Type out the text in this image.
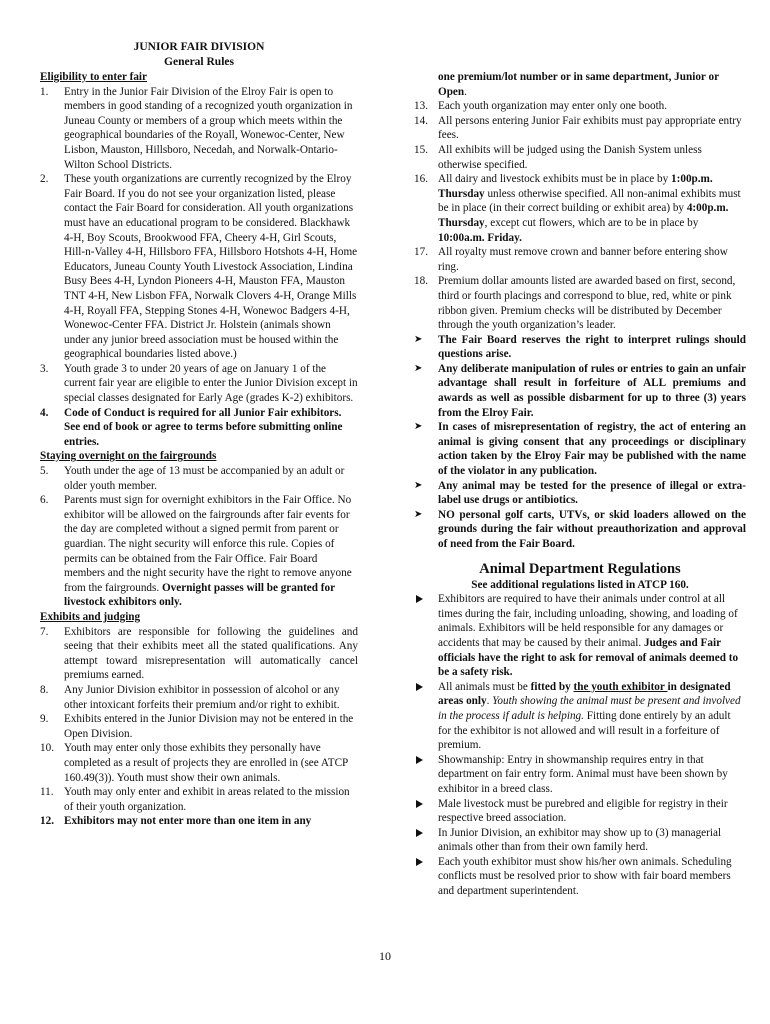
JUNIOR FAIR DIVISION
General Rules
Eligibility to enter fair
1. Entry in the Junior Fair Division of the Elroy Fair is open to members in good standing of a recognized youth organization in Juneau County or members of a group which meets within the geographical boundaries of the Royall, Wonewoc-Center, New Lisbon, Mauston, Hillsboro, Necedah, and Norwalk-Ontario-Wilton School Districts.
2. These youth organizations are currently recognized by the Elroy Fair Board. If you do not see your organization listed, please contact the Fair Board for consideration. All youth organizations must have an educational program to be considered. Blackhawk 4-H, Boy Scouts, Brookwood FFA, Cheery 4-H, Girl Scouts, Hill-n-Valley 4-H, Hillsboro FFA, Hillsboro Hotshots 4-H, Home Educators, Juneau County Youth Livestock Association, Lindina Busy Bees 4-H, Lyndon Pioneers 4-H, Mauston FFA, Mauston TNT 4-H, New Lisbon FFA, Norwalk Clovers 4-H, Orange Mills 4-H, Royall FFA, Stepping Stones 4-H, Wonewoc Badgers 4-H, Wonewoc-Center FFA. District Jr. Holstein (animals shown under any junior breed association must be housed within the geographical boundaries listed above.)
3. Youth grade 3 to under 20 years of age on January 1 of the current fair year are eligible to enter the Junior Division except in special classes designated for Early Age (grades K-2) exhibitors.
4. Code of Conduct is required for all Junior Fair exhibitors. See end of book or agree to terms before submitting online entries.
Staying overnight on the fairgrounds
5. Youth under the age of 13 must be accompanied by an adult or older youth member.
6. Parents must sign for overnight exhibitors in the Fair Office. No exhibitor will be allowed on the fairgrounds after fair events for the day are completed without a signed permit from parent or guardian. The night security will enforce this rule. Copies of permits can be obtained from the Fair Office. Fair Board members and the night security have the right to remove anyone from the fairgrounds. Overnight passes will be granted for livestock exhibitors only.
Exhibits and judging
7. Exhibitors are responsible for following the guidelines and seeing that their exhibits meet all the stated qualifications. Any attempt toward misrepresentation will automatically cancel premiums earned.
8. Any Junior Division exhibitor in possession of alcohol or any other intoxicant forfeits their premium and/or right to exhibit.
9. Exhibits entered in the Junior Division may not be entered in the Open Division.
10. Youth may enter only those exhibits they personally have completed as a result of projects they are enrolled in (see ATCP 160.49(3)). Youth must show their own animals.
11. Youth may only enter and exhibit in areas related to the mission of their youth organization.
12. Exhibitors may not enter more than one item in any
one premium/lot number or in same department, Junior or Open.
13. Each youth organization may enter only one booth.
14. All persons entering Junior Fair exhibits must pay appropriate entry fees.
15. All exhibits will be judged using the Danish System unless otherwise specified.
16. All dairy and livestock exhibits must be in place by 1:00p.m. Thursday unless otherwise specified. All non-animal exhibits must be in place (in their correct building or exhibit area) by 4:00p.m. Thursday, except cut flowers, which are to be in place by 10:00a.m. Friday.
17. All royalty must remove crown and banner before entering show ring.
18. Premium dollar amounts listed are awarded based on first, second, third or fourth placings and correspond to blue, red, white or pink ribbon given. Premium checks will be distributed by December through the youth organization’s leader.
➤ The Fair Board reserves the right to interpret rulings should questions arise.
➤ Any deliberate manipulation of rules or entries to gain an unfair advantage shall result in forfeiture of ALL premiums and awards as well as possible disbarment for up to three (3) years from the Elroy Fair.
➤ In cases of misrepresentation of registry, the act of entering an animal is giving consent that any proceedings or disciplinary action taken by the Elroy Fair may be published with the name of the violator in any publication.
➤ Any animal may be tested for the presence of illegal or extra-label use drugs or antibiotics.
➤ NO personal golf carts, UTVs, or skid loaders allowed on the grounds during the fair without preauthorization and approval of need from the Fair Board.
Animal Department Regulations
See additional regulations listed in ATCP 160.
Exhibitors are required to have their animals under control at all times during the fair, including unloading, showing, and loading of animals. Exhibitors will be held responsible for any damages or accidents that may be caused by their animal. Judges and Fair officials have the right to ask for removal of animals deemed to be a safety risk.
All animals must be fitted by the youth exhibitor in designated areas only. Youth showing the animal must be present and involved in the process if adult is helping. Fitting done entirely by an adult for the exhibitor is not allowed and will result in a forfeiture of premium.
Showmanship: Entry in showmanship requires entry in that department on fair entry form. Animal must have been shown by exhibitor in a breed class.
Male livestock must be purebred and eligible for registry in their respective breed association.
In Junior Division, an exhibitor may show up to (3) managerial animals other than from their own family herd.
Each youth exhibitor must show his/her own animals. Scheduling conflicts must be resolved prior to show with fair board members and department superintendent.
10
